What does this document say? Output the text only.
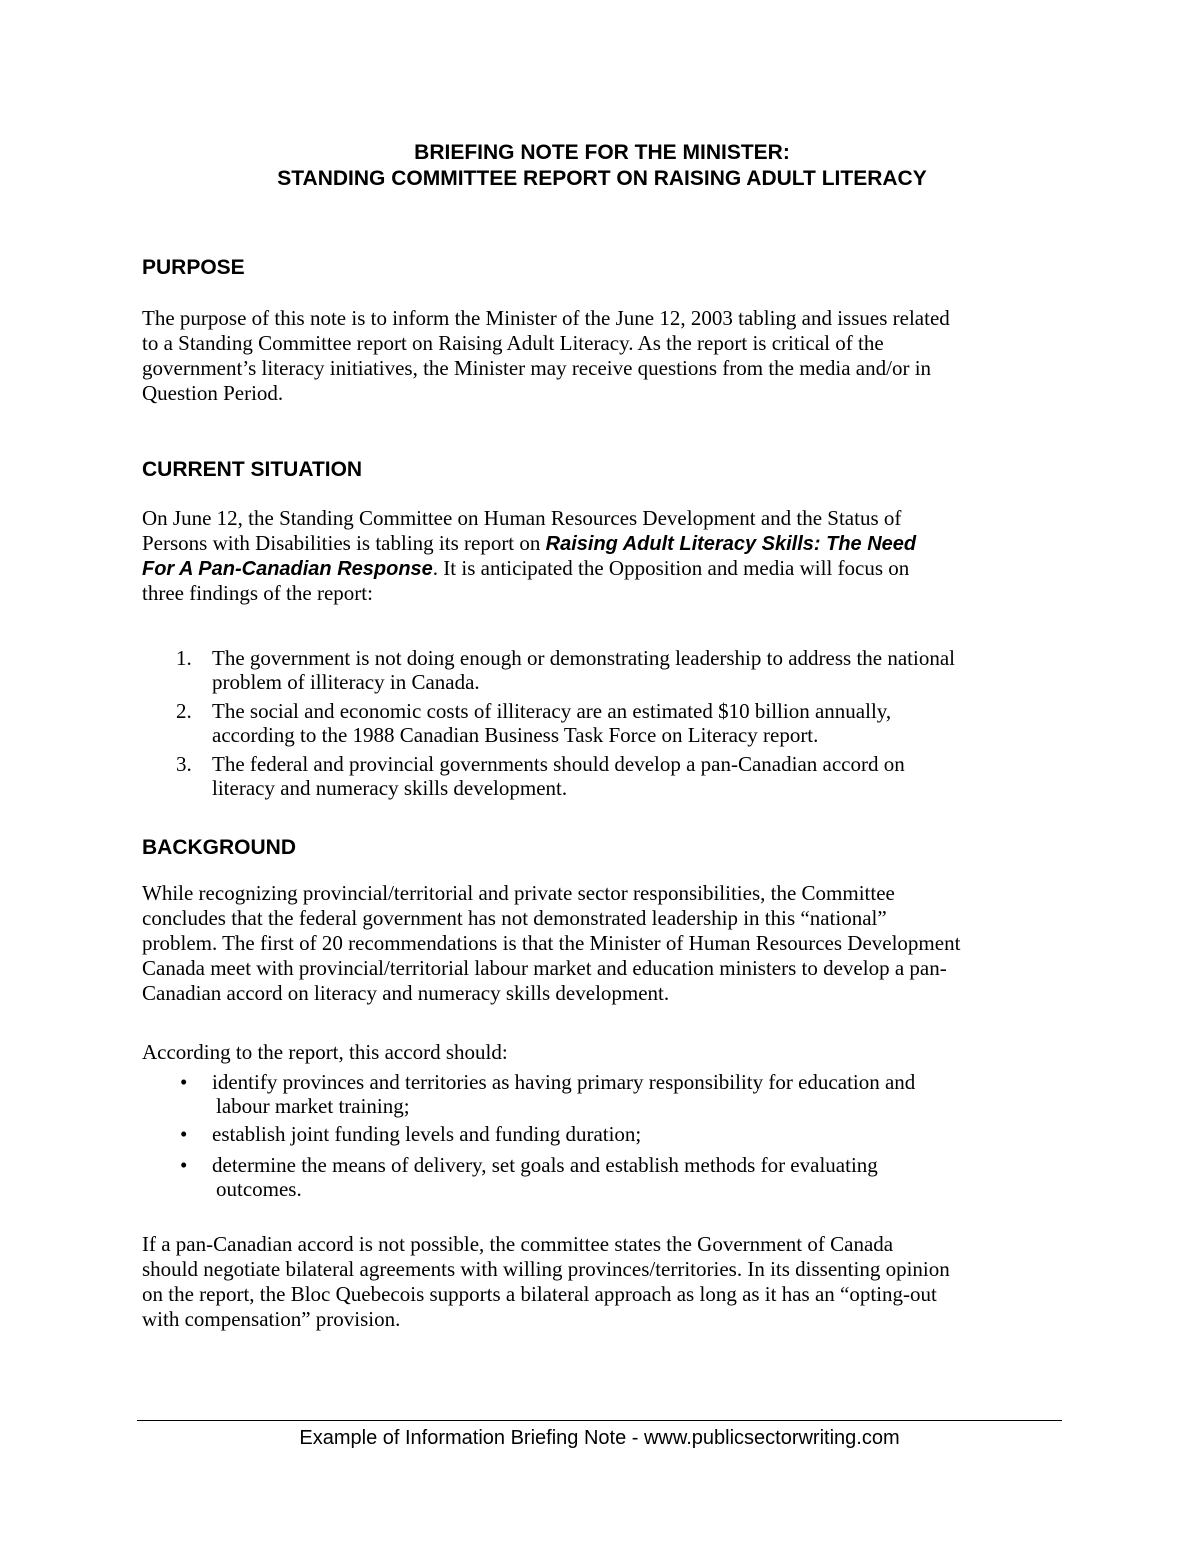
BRIEFING NOTE FOR THE MINISTER:
STANDING COMMITTEE REPORT ON RAISING ADULT LITERACY
PURPOSE
The purpose of this note is to inform the Minister of the June 12, 2003 tabling and issues related
to a Standing Committee report on Raising Adult Literacy. As the report is critical of the
government’s literacy initiatives, the Minister may receive questions from the media and/or in
Question Period.
CURRENT SITUATION
On June 12, the Standing Committee on Human Resources Development and the Status of
Persons with Disabilities is tabling its report on Raising Adult Literacy Skills: The Need
For A Pan-Canadian Response. It is anticipated the Opposition and media will focus on
three findings of the report:
1. The government is not doing enough or demonstrating leadership to address the national
problem of illiteracy in Canada.
2. The social and economic costs of illiteracy are an estimated $10 billion annually,
according to the 1988 Canadian Business Task Force on Literacy report.
3. The federal and provincial governments should develop a pan-Canadian accord on
literacy and numeracy skills development.
BACKGROUND
While recognizing provincial/territorial and private sector responsibilities, the Committee
concludes that the federal government has not demonstrated leadership in this “national”
problem. The first of 20 recommendations is that the Minister of Human Resources Development
Canada meet with provincial/territorial labour market and education ministers to develop a pan-
Canadian accord on literacy and numeracy skills development.
According to the report, this accord should:
• identify provinces and territories as having primary responsibility for education and
labour market training;
• establish joint funding levels and funding duration;
• determine the means of delivery, set goals and establish methods for evaluating
outcomes.
If a pan-Canadian accord is not possible, the committee states the Government of Canada
should negotiate bilateral agreements with willing provinces/territories. In its dissenting opinion
on the report, the Bloc Quebecois supports a bilateral approach as long as it has an “opting-out
with compensation” provision.
Example of Information Briefing Note - www.publicsectorwriting.com
